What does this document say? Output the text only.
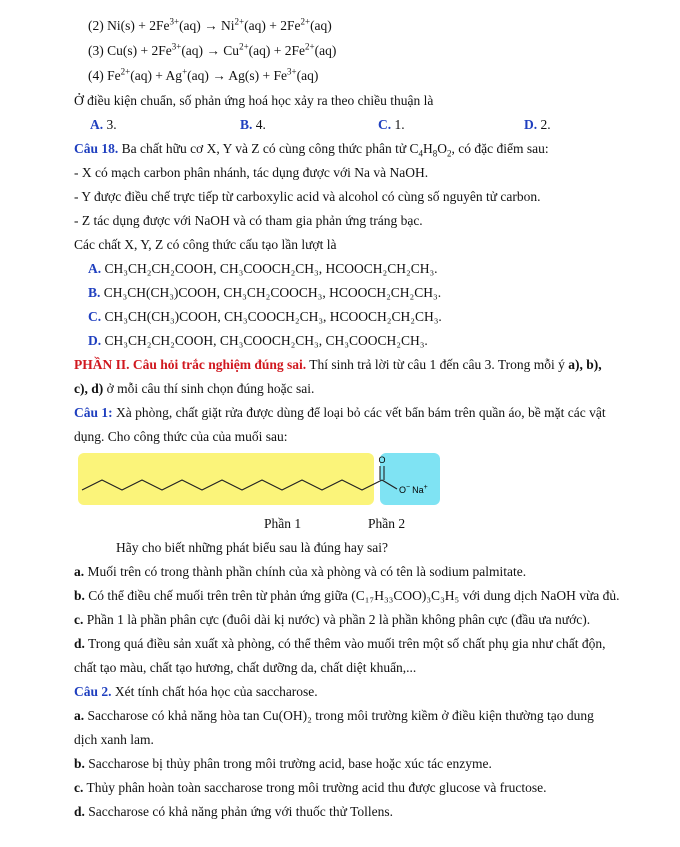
(2) $Ni(s) + 2Fe^{3+}(aq) \to Ni^{2+}(aq) + 2Fe^{2+}(aq)$
(3) $Cu(s) + 2Fe^{3+}(aq) \to Cu^{2+}(aq) + 2Fe^{2+}(aq)$
(4) $Fe^{2+}(aq) + Ag^+(aq) \to Ag(s) + Fe^{3+}(aq)$
Ở điều kiện chuẩn, số phản ứng hoá học xảy ra theo chiều thuận là
A. 3.	B. 4.	C. 1.	D. 2.
Câu 18. Ba chất hữu cơ X, Y và Z có cùng công thức phân tử $C_4H_8O_2$, có đặc điểm sau:
- X có mạch carbon phân nhánh, tác dụng được với Na và NaOH.
- Y được điều chế trực tiếp từ carboxylic acid và alcohol có cùng số nguyên tử carbon.
- Z tác dụng được với NaOH và có tham gia phản ứng tráng bạc.
Các chất X, Y, Z có công thức cấu tạo lần lượt là
A. CH₃CH₂CH₂COOH, CH₃COOCH₂CH₃, HCOOCH₂CH₂CH₃.
B. CH₃CH(CH₃)COOH, CH₃CH₂COOCH₃, HCOOCH₂CH₂CH₃.
C. CH₃CH(CH₃)COOH, CH₃COOCH₂CH₃, HCOOCH₂CH₂CH₃.
D. CH₃CH₂CH₂COOH, CH₃COOCH₂CH₃, CH₃COOCH₂CH₃.
PHẦN II. Câu hỏi trắc nghiệm đúng sai. Thí sinh trả lời từ câu 1 đến câu 3. Trong mỗi ý a), b),
c), d) ở mỗi câu thí sinh chọn đúng hoặc sai.
Câu 1: Xà phòng, chất giặt rửa được dùng để loại bỏ các vết bẩn bám trên quần áo, bề mặt các vật
dụng. Cho công thức của của muối sau:
O
O− Na+
Phần 1	Phần 2
Hãy cho biết những phát biểu sau là đúng hay sai?
a. Muối trên có trong thành phần chính của xà phòng và có tên là sodium palmitate.
b. Có thể điều chế muối trên trên từ phản ứng giữa (C₁₇H₃₃COO)₃C₃H₅ với dung dịch NaOH vừa đủ.
c. Phần 1 là phần phân cực (đuôi dài kị nước) và phần 2 là phần không phân cực (đầu ưa nước).
d. Trong quá điều sản xuất xà phòng, có thể thêm vào muối trên một số chất phụ gia như chất độn,
chất tạo màu, chất tạo hương, chất dưỡng da, chất diệt khuẩn,...
Câu 2. Xét tính chất hóa học của saccharose.
a. Saccharose có khả năng hòa tan Cu(OH)₂ trong môi trường kiềm ở điều kiện thường tạo dung
dịch xanh lam.
b. Saccharose bị thủy phân trong môi trường acid, base hoặc xúc tác enzyme.
c. Thủy phân hoàn toàn saccharose trong môi trường acid thu được glucose và fructose.
d. Saccharose có khả năng phản ứng với thuốc thử Tollens.
